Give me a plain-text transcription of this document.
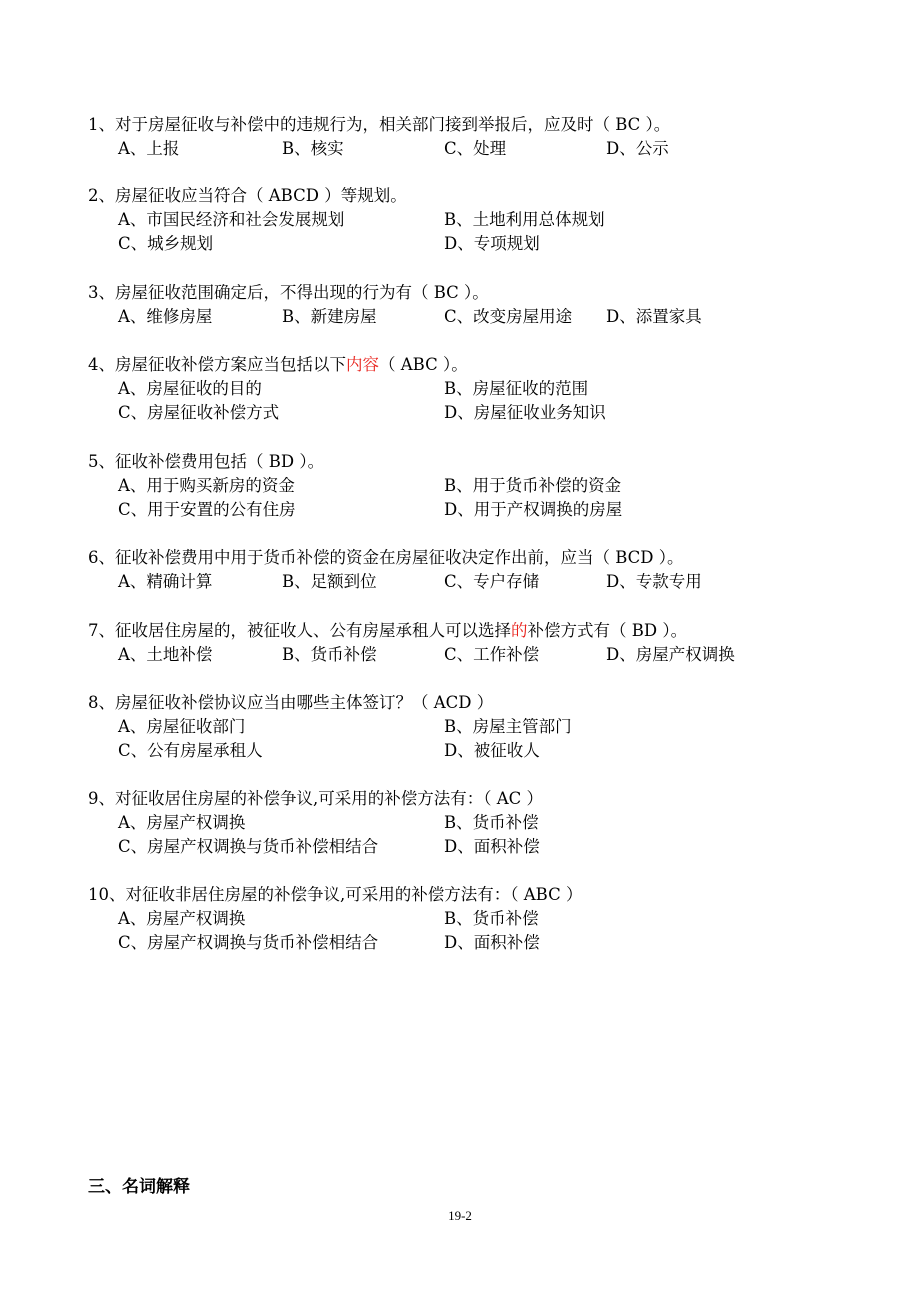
1、对于房屋征收与补偿中的违规行为，相关部门接到举报后，应及时（ BC ）。
A、上报	B、核实	C、处理	D、公示
2、房屋征收应当符合（ ABCD ）等规划。
A、市国民经济和社会发展规划	B、土地利用总体规划
C、城乡规划	D、专项规划
3、房屋征收范围确定后，不得出现的行为有（ BC ）。
A、维修房屋	B、新建房屋	C、改变房屋用途 D、添置家具
4、房屋征收补偿方案应当包括以下内容（ ABC ）。
A、房屋征收的目的	B、房屋征收的范围
C、房屋征收补偿方式	D、房屋征收业务知识
5、征收补偿费用包括（ BD ）。
A、用于购买新房的资金	B、用于货币补偿的资金
C、用于安置的公有住房	D、用于产权调换的房屋
6、征收补偿费用中用于货币补偿的资金在房屋征收决定作出前，应当（ BCD ）。
A、精确计算	B、足额到位	C、专户存储	D、专款专用
7、征收居住房屋的，被征收人、公有房屋承租人可以选择的补偿方式有（ BD ）。
A、土地补偿	B、货币补偿	C、工作补偿	D、房屋产权调换
8、房屋征收补偿协议应当由哪些主体签订？（ ACD ）
A、房屋征收部门	B、房屋主管部门
C、公有房屋承租人	D、被征收人
9、对征收居住房屋的补偿争议,可采用的补偿方法有：（ AC ）
A、房屋产权调换	B、货币补偿
C、房屋产权调换与货币补偿相结合	D、面积补偿
10、对征收非居住房屋的补偿争议,可采用的补偿方法有：（ ABC ）
A、房屋产权调换	B、货币补偿
C、房屋产权调换与货币补偿相结合	D、面积补偿
三、名词解释
19-2
